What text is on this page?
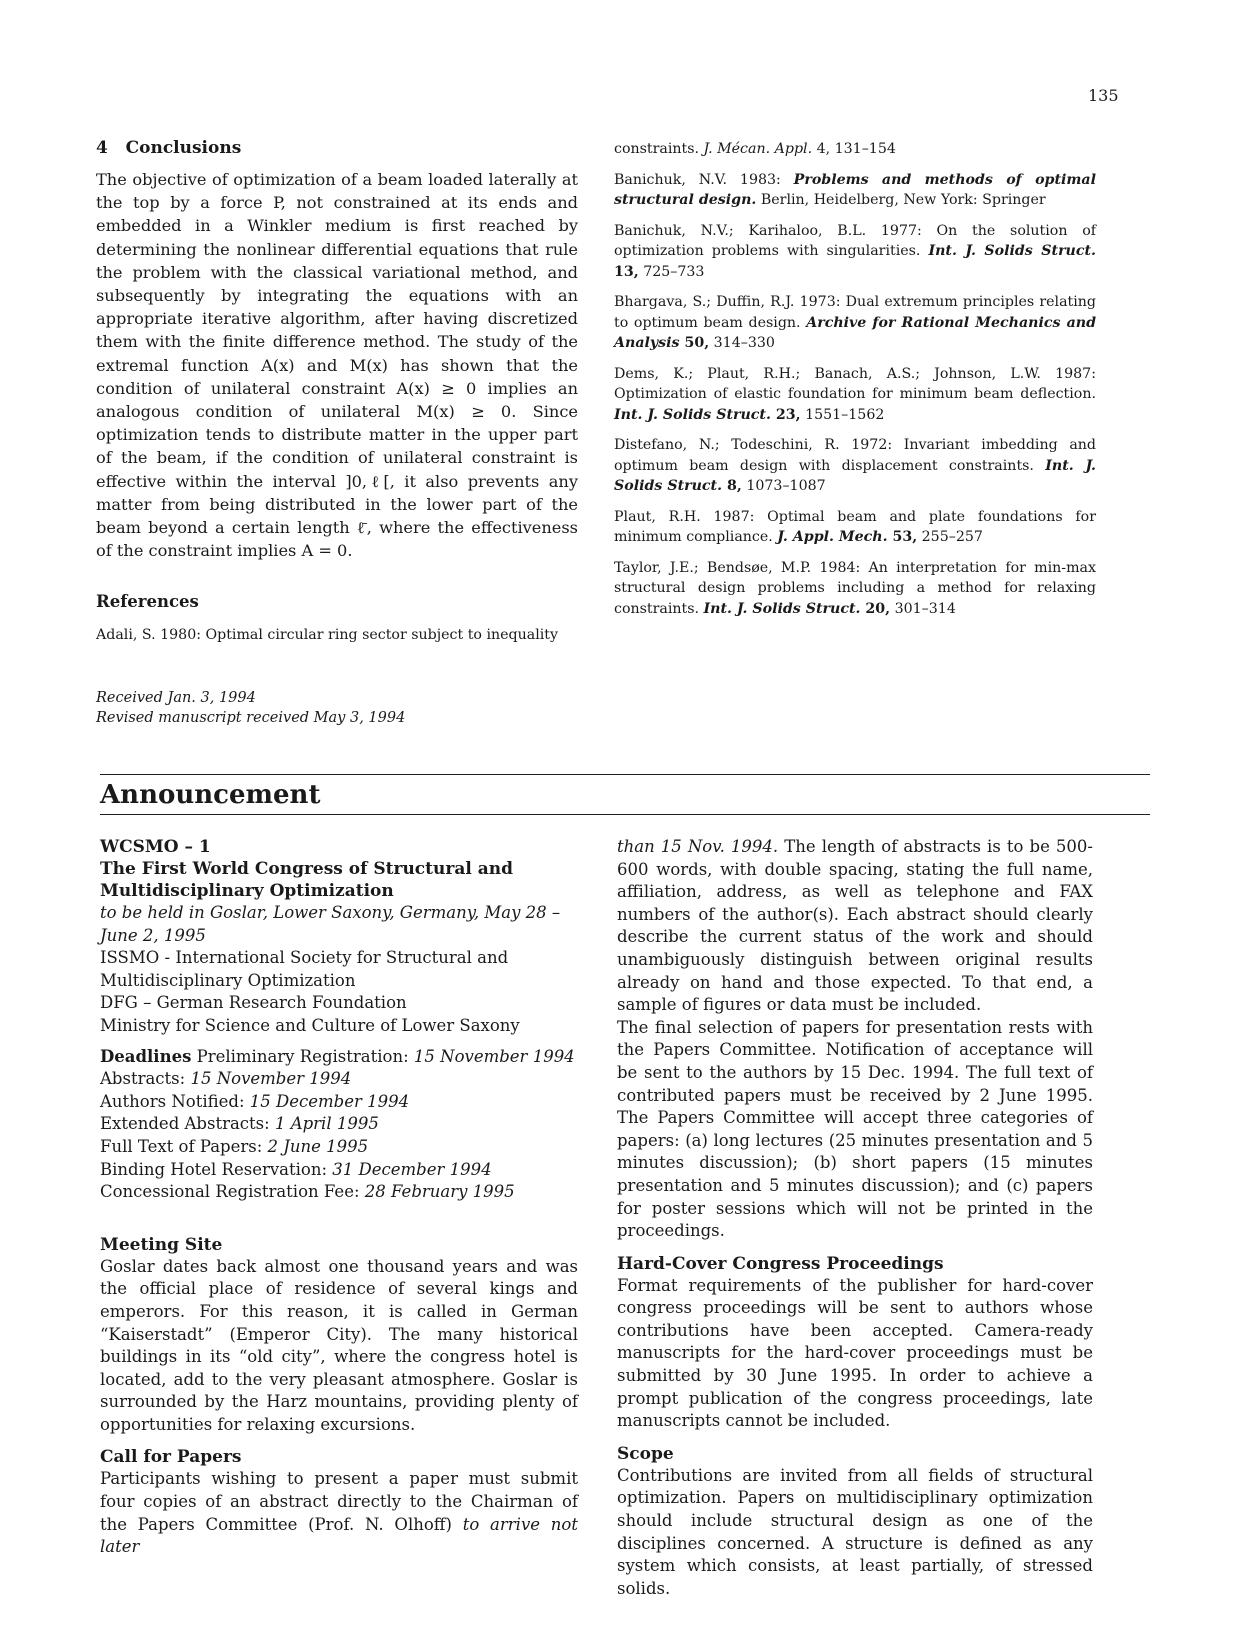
135

4   Conclusions

The objective of optimization of a beam loaded laterally at the top by a force P, not constrained at its ends and embedded in a Winkler medium is first reached by determining the nonlinear differential equations that rule the problem with the classical variational method, and subsequently by integrating the equations with an appropriate iterative algorithm, after having discretized them with the finite difference method. The study of the extremal function A(x) and M(x) has shown that the condition of unilateral constraint A(x) ≥ 0 implies an analogous condition of unilateral M(x) ≥ 0. Since optimization tends to distribute matter in the upper part of the beam, if the condition of unilateral constraint is effective within the interval ]0,ℓ[, it also prevents any matter from being distributed in the lower part of the beam beyond a certain length ℓ̄, where the effectiveness of the constraint implies A = 0.

References

Adali, S. 1980: Optimal circular ring sector subject to inequality

constraints. J. Mécan. Appl. 4, 131–154

Banichuk, N.V. 1983: Problems and methods of optimal structural design. Berlin, Heidelberg, New York: Springer

Banichuk, N.V.; Karihaloo, B.L. 1977: On the solution of optimization problems with singularities. Int. J. Solids Struct. 13, 725–733

Bhargava, S.; Duffin, R.J. 1973: Dual extremum principles relating to optimum beam design. Archive for Rational Mechanics and Analysis 50, 314–330

Dems, K.; Plaut, R.H.; Banach, A.S.; Johnson, L.W. 1987: Optimization of elastic foundation for minimum beam deflection. Int. J. Solids Struct. 23, 1551–1562

Distefano, N.; Todeschini, R. 1972: Invariant imbedding and optimum beam design with displacement constraints. Int. J. Solids Struct. 8, 1073–1087

Plaut, R.H. 1987: Optimal beam and plate foundations for minimum compliance. J. Appl. Mech. 53, 255–257

Taylor, J.E.; Bendsøe, M.P. 1984: An interpretation for min-max structural design problems including a method for relaxing constraints. Int. J. Solids Struct. 20, 301–314

Received Jan. 3, 1994
Revised manuscript received May 3, 1994
Announcement

WCSMO – 1

The First World Congress of Structural and Multidisciplinary Optimization

to be held in Goslar, Lower Saxony, Germany, May 28 – June 2, 1995

ISSMO - International Society for Structural and Multidisciplinary Optimization

DFG – German Research Foundation

Ministry for Science and Culture of Lower Saxony

Deadlines Preliminary Registration: 15 November 1994

Abstracts: 15 November 1994

Authors Notified: 15 December 1994

Extended Abstracts: 1 April 1995

Full Text of Papers: 2 June 1995

Binding Hotel Reservation: 31 December 1994

Concessional Registration Fee: 28 February 1995

Meeting Site

Goslar dates back almost one thousand years and was the official place of residence of several kings and emperors. For this reason, it is called in German “Kaiserstadt” (Emperor City). The many historical buildings in its “old city”, where the congress hotel is located, add to the very pleasant atmosphere. Goslar is surrounded by the Harz mountains, providing plenty of opportunities for relaxing excursions.

Call for Papers

Participants wishing to present a paper must submit four copies of an abstract directly to the Chairman of the Papers Committee (Prof. N. Olhoff) to arrive not later

than 15 Nov. 1994. The length of abstracts is to be 500-600 words, with double spacing, stating the full name, affiliation, address, as well as telephone and FAX numbers of the author(s). Each abstract should clearly describe the current status of the work and should unambiguously distinguish between original results already on hand and those expected. To that end, a sample of figures or data must be included.

The final selection of papers for presentation rests with the Papers Committee. Notification of acceptance will be sent to the authors by 15 Dec. 1994. The full text of contributed papers must be received by 2 June 1995. The Papers Committee will accept three categories of papers: (a) long lectures (25 minutes presentation and 5 minutes discussion); (b) short papers (15 minutes presentation and 5 minutes discussion); and (c) papers for poster sessions which will not be printed in the proceedings.

Hard-Cover Congress Proceedings

Format requirements of the publisher for hard-cover congress proceedings will be sent to authors whose contributions have been accepted. Camera-ready manuscripts for the hard-cover proceedings must be submitted by 30 June 1995. In order to achieve a prompt publication of the congress proceedings, late manuscripts cannot be included.

Scope

Contributions are invited from all fields of structural optimization. Papers on multidisciplinary optimization should include structural design as one of the disciplines concerned. A structure is defined as any system which consists, at least partially, of stressed solids.
